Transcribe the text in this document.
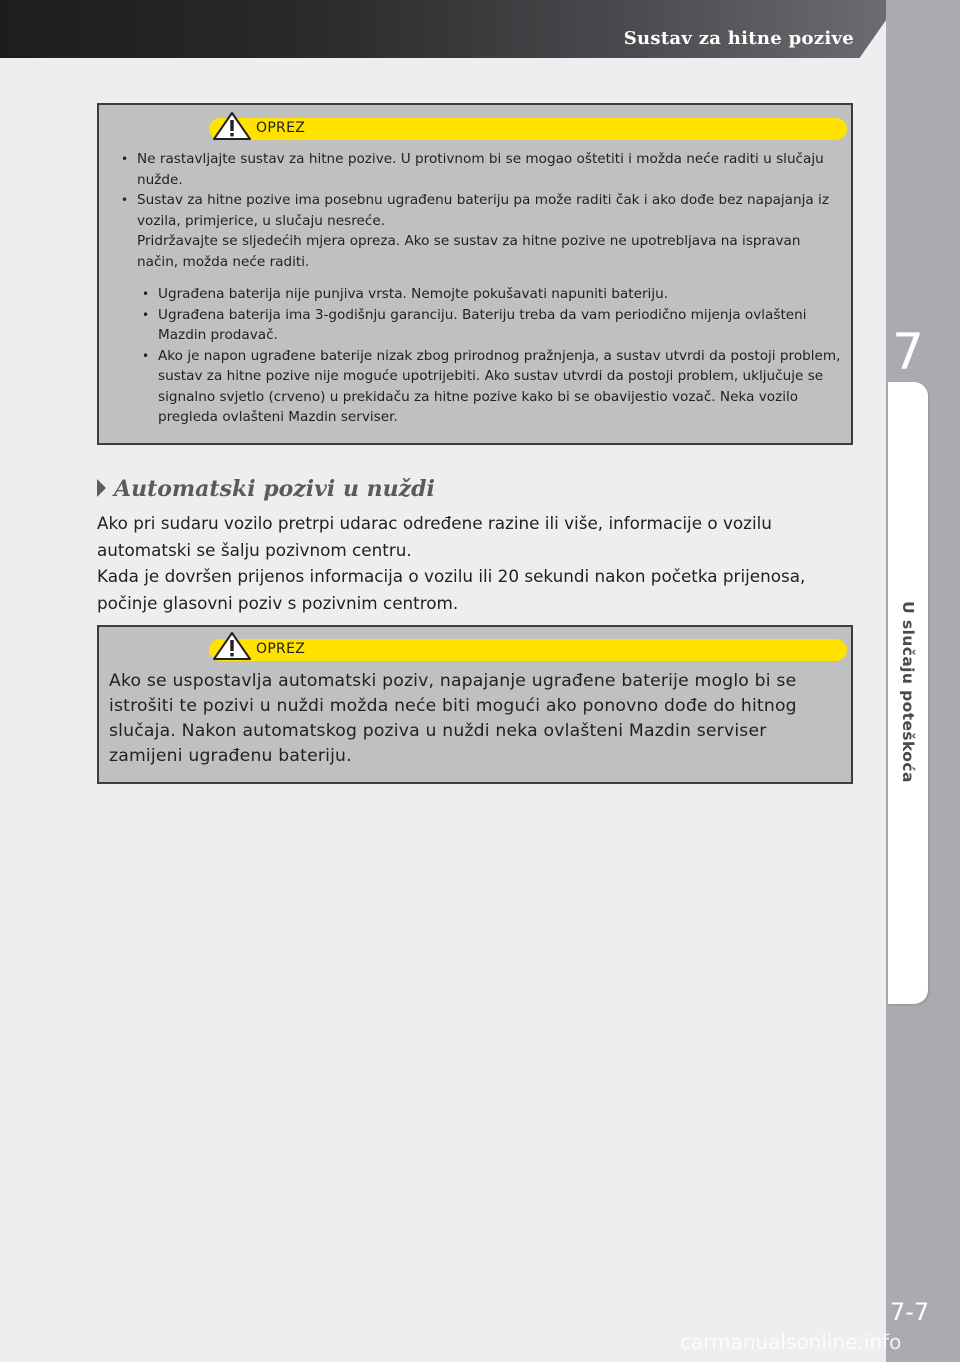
Sustav za hitne pozive
7
U slučaju poteškoća
7-7
OPREZ
• Ne rastavljajte sustav za hitne pozive. U protivnom bi se mogao oštetiti i možda neće raditi u slučaju nužde.
• Sustav za hitne pozive ima posebnu ugrađenu bateriju pa može raditi čak i ako dođe bez napajanja iz vozila, primjerice, u slučaju nesreće.
Pridržavajte se sljedećih mjera opreza. Ako se sustav za hitne pozive ne upotrebljava na ispravan način, možda neće raditi.
• Ugrađena baterija nije punjiva vrsta. Nemojte pokušavati napuniti bateriju.
• Ugrađena baterija ima 3-godišnju garanciju. Bateriju treba da vam periodično mijenja ovlašteni Mazdin prodavač.
• Ako je napon ugrađene baterije nizak zbog prirodnog pražnjenja, a sustav utvrdi da postoji problem, sustav za hitne pozive nije moguće upotrijebiti. Ako sustav utvrdi da postoji problem, uključuje se signalno svjetlo (crveno) u prekidaču za hitne pozive kako bi se obavijestio vozač. Neka vozilo pregleda ovlašteni Mazdin serviser.
Automatski pozivi u nuždi

Ako pri sudaru vozilo pretrpi udarac određene razine ili više, informacije o vozilu automatski se šalju pozivnom centru.

Kada je dovršen prijenos informacija o vozilu ili 20 sekundi nakon početka prijenosa, počinje glasovni poziv s pozivnim centrom.

OPREZ
Ako se uspostavlja automatski poziv, napajanje ugrađene baterije moglo bi se istrošiti te pozivi u nuždi možda neće biti mogući ako ponovno dođe do hitnog slučaja. Nakon automatskog poziva u nuždi neka ovlašteni Mazdin serviser zamijeni ugrađenu bateriju.
carmanualsonline.info
